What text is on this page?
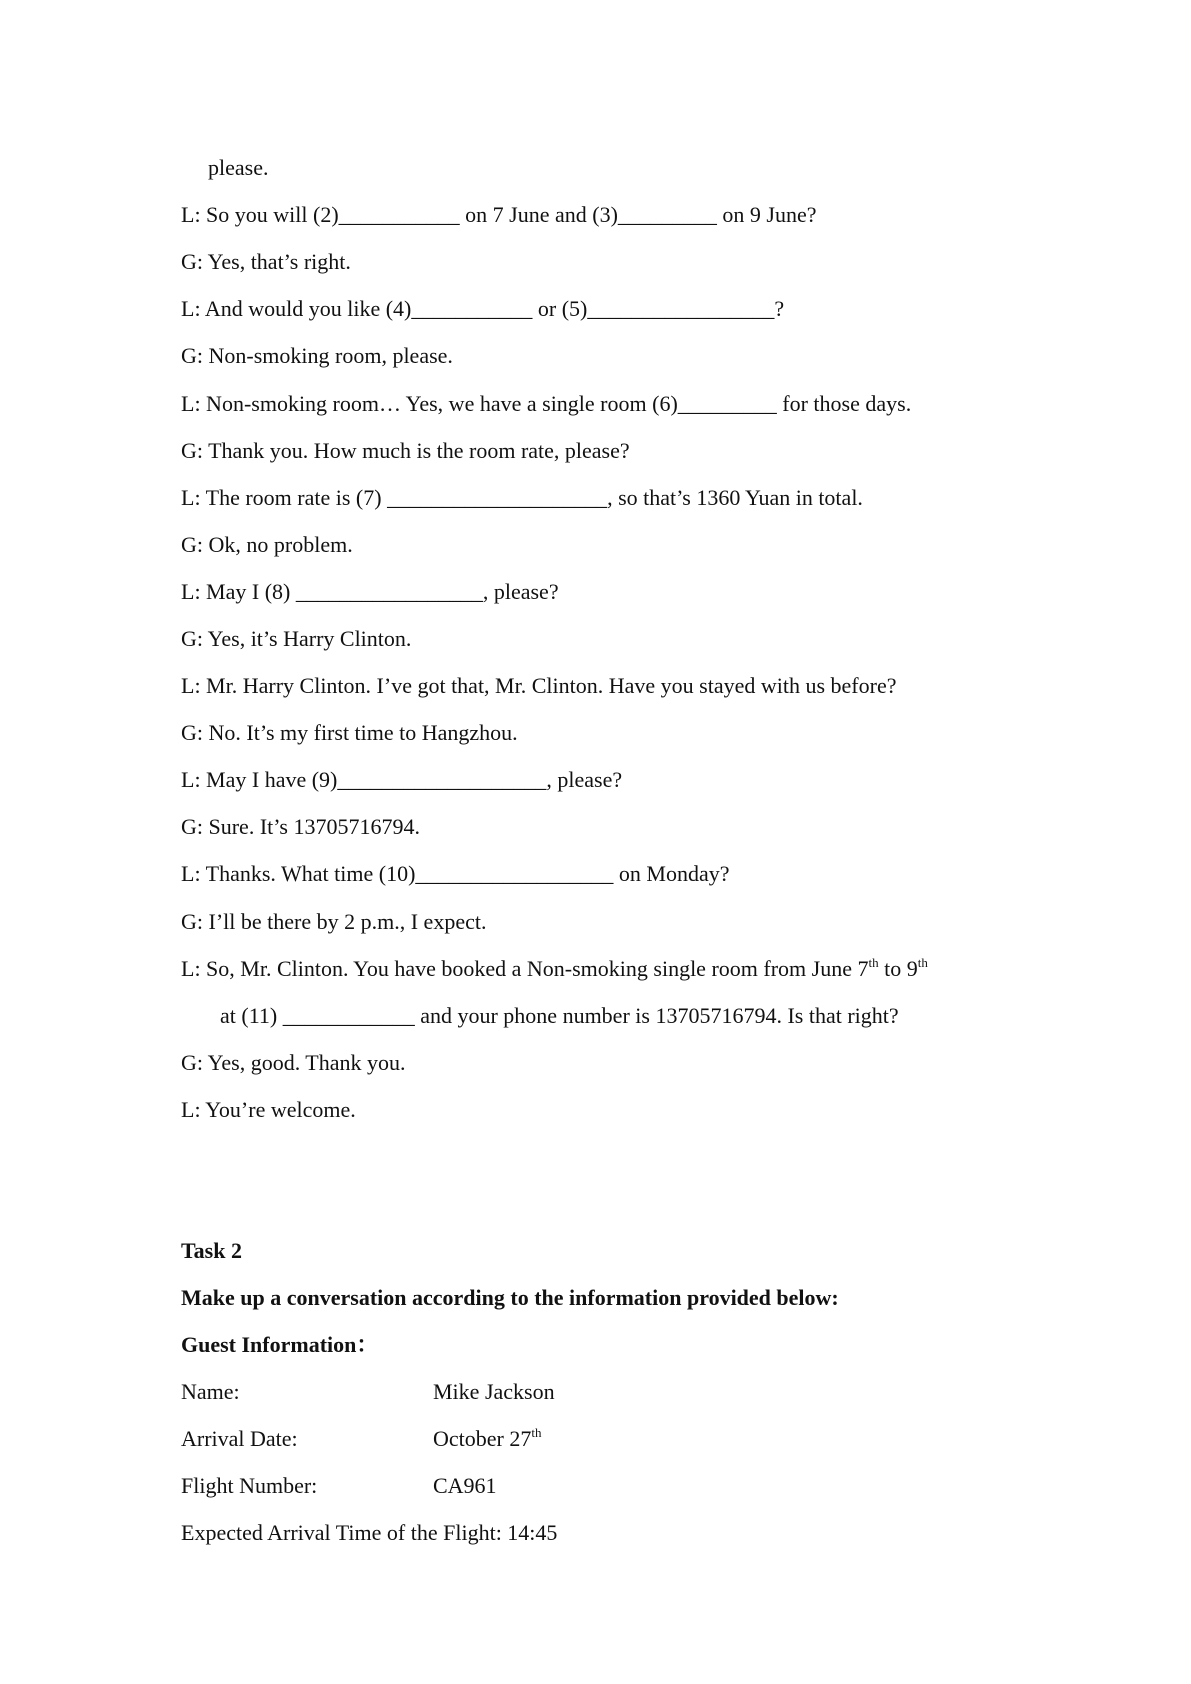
please.
L: So you will (2)___________ on 7 June and (3)_________ on 9 June?
G: Yes, that’s right.
L: And would you like (4)___________ or (5)_________________?
G: Non-smoking room, please.
L: Non-smoking room… Yes, we have a single room (6)_________ for those days.
G: Thank you. How much is the room rate, please?
L: The room rate is (7) ____________________, so that’s 1360 Yuan in total.
G: Ok, no problem.
L: May I (8) _________________, please?
G: Yes, it’s Harry Clinton.
L: Mr. Harry Clinton. I’ve got that, Mr. Clinton. Have you stayed with us before?
G: No. It’s my first time to Hangzhou.
L: May I have (9)___________________, please?
G: Sure. It’s 13705716794.
L: Thanks. What time (10)__________________ on Monday?
G: I’ll be there by 2 p.m., I expect.
L: So, Mr. Clinton. You have booked a Non-smoking single room from June 7th to 9th
at (11) ____________ and your phone number is 13705716794. Is that right?
G: Yes, good. Thank you.
L: You’re welcome.
Task 2
Make up a conversation according to the information provided below:
Guest Information：
Name:	Mike Jackson
Arrival Date:	October 27th
Flight Number:	CA961
Expected Arrival Time of the Flight: 14:45
